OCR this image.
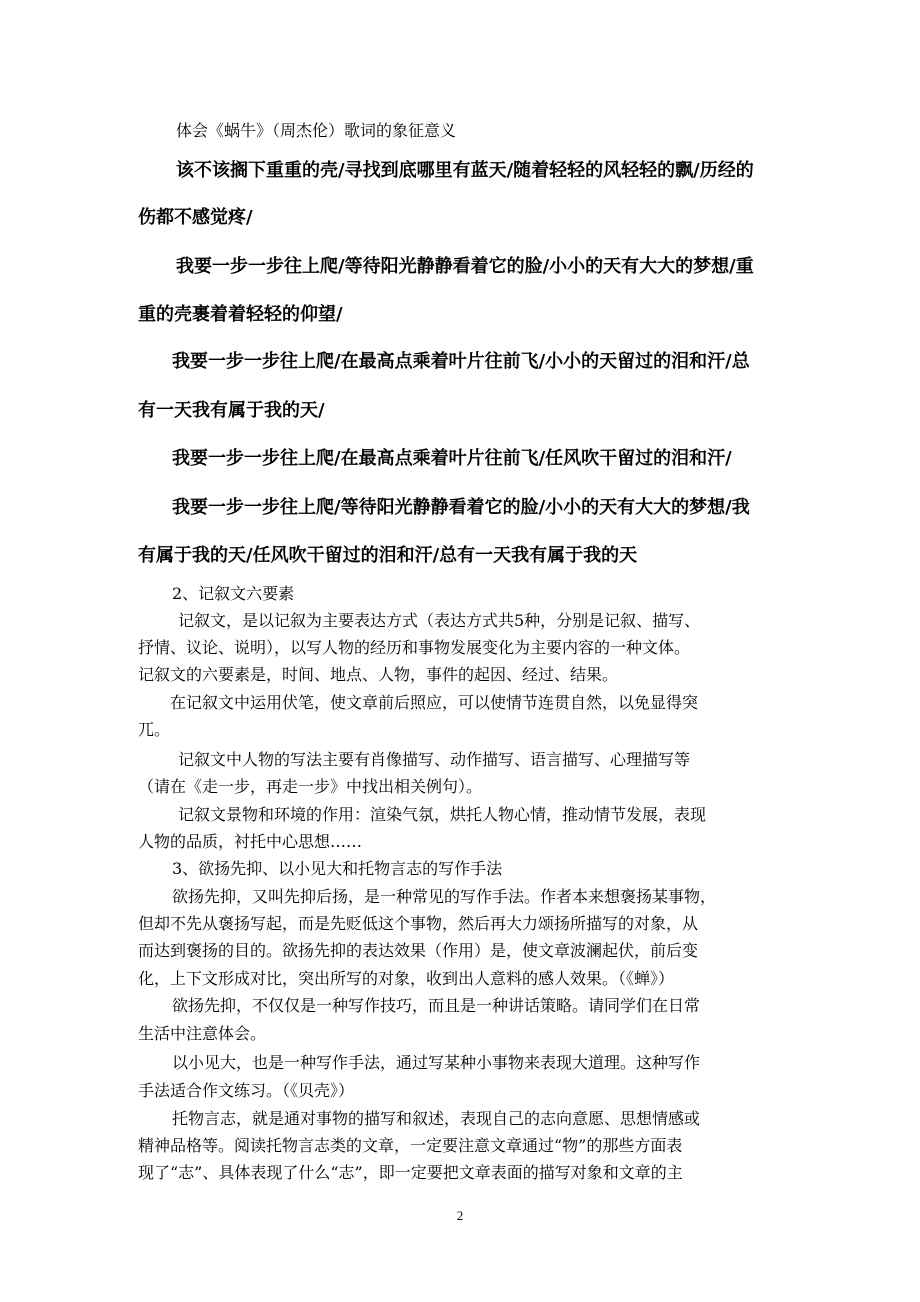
体会《蜗牛》（周杰伦）歌词的象征意义

该不该搁下重重的壳/寻找到底哪里有蓝天/随着轻轻的风轻轻的飘/历经的

伤都不感觉疼/

我要一步一步往上爬/等待阳光静静看着它的脸/小小的天有大大的梦想/重

重的壳裹着着轻轻的仰望/

我要一步一步往上爬/在最高点乘着叶片往前飞/小小的天留过的泪和汗/总

有一天我有属于我的天/

我要一步一步往上爬/在最高点乘着叶片往前飞/任风吹干留过的泪和汗/

我要一步一步往上爬/等待阳光静静看着它的脸/小小的天有大大的梦想/我

有属于我的天/任风吹干留过的泪和汗/总有一天我有属于我的天

2、记叙文六要素

记叙文，是以记叙为主要表达方式（表达方式共5种，分别是记叙、描写、

抒情、议论、说明），以写人物的经历和事物发展变化为主要内容的一种文体。

记叙文的六要素是，时间、地点、人物，事件的起因、经过、结果。

在记叙文中运用伏笔，使文章前后照应，可以使情节连贯自然，以免显得突

兀。

记叙文中人物的写法主要有肖像描写、动作描写、语言描写、心理描写等

（请在《走一步，再走一步》中找出相关例句）。

记叙文景物和环境的作用：渲染气氛，烘托人物心情，推动情节发展，表现

人物的品质，衬托中心思想……

3、欲扬先抑、以小见大和托物言志的写作手法

欲扬先抑，又叫先抑后扬，是一种常见的写作手法。作者本来想褒扬某事物，

但却不先从褒扬写起，而是先贬低这个事物，然后再大力颂扬所描写的对象，从

而达到褒扬的目的。欲扬先抑的表达效果（作用）是，使文章波澜起伏，前后变

化，上下文形成对比，突出所写的对象，收到出人意料的感人效果。（《蝉》）

欲扬先抑，不仅仅是一种写作技巧，而且是一种讲话策略。请同学们在日常

生活中注意体会。

以小见大，也是一种写作手法，通过写某种小事物来表现大道理。这种写作

手法适合作文练习。（《贝壳》）

托物言志，就是通对事物的描写和叙述，表现自己的志向意愿、思想情感或

精神品格等。阅读托物言志类的文章，一定要注意文章通过“物”的那些方面表

现了“志”、具体表现了什么“志”，即一定要把文章表面的描写对象和文章的主

2
